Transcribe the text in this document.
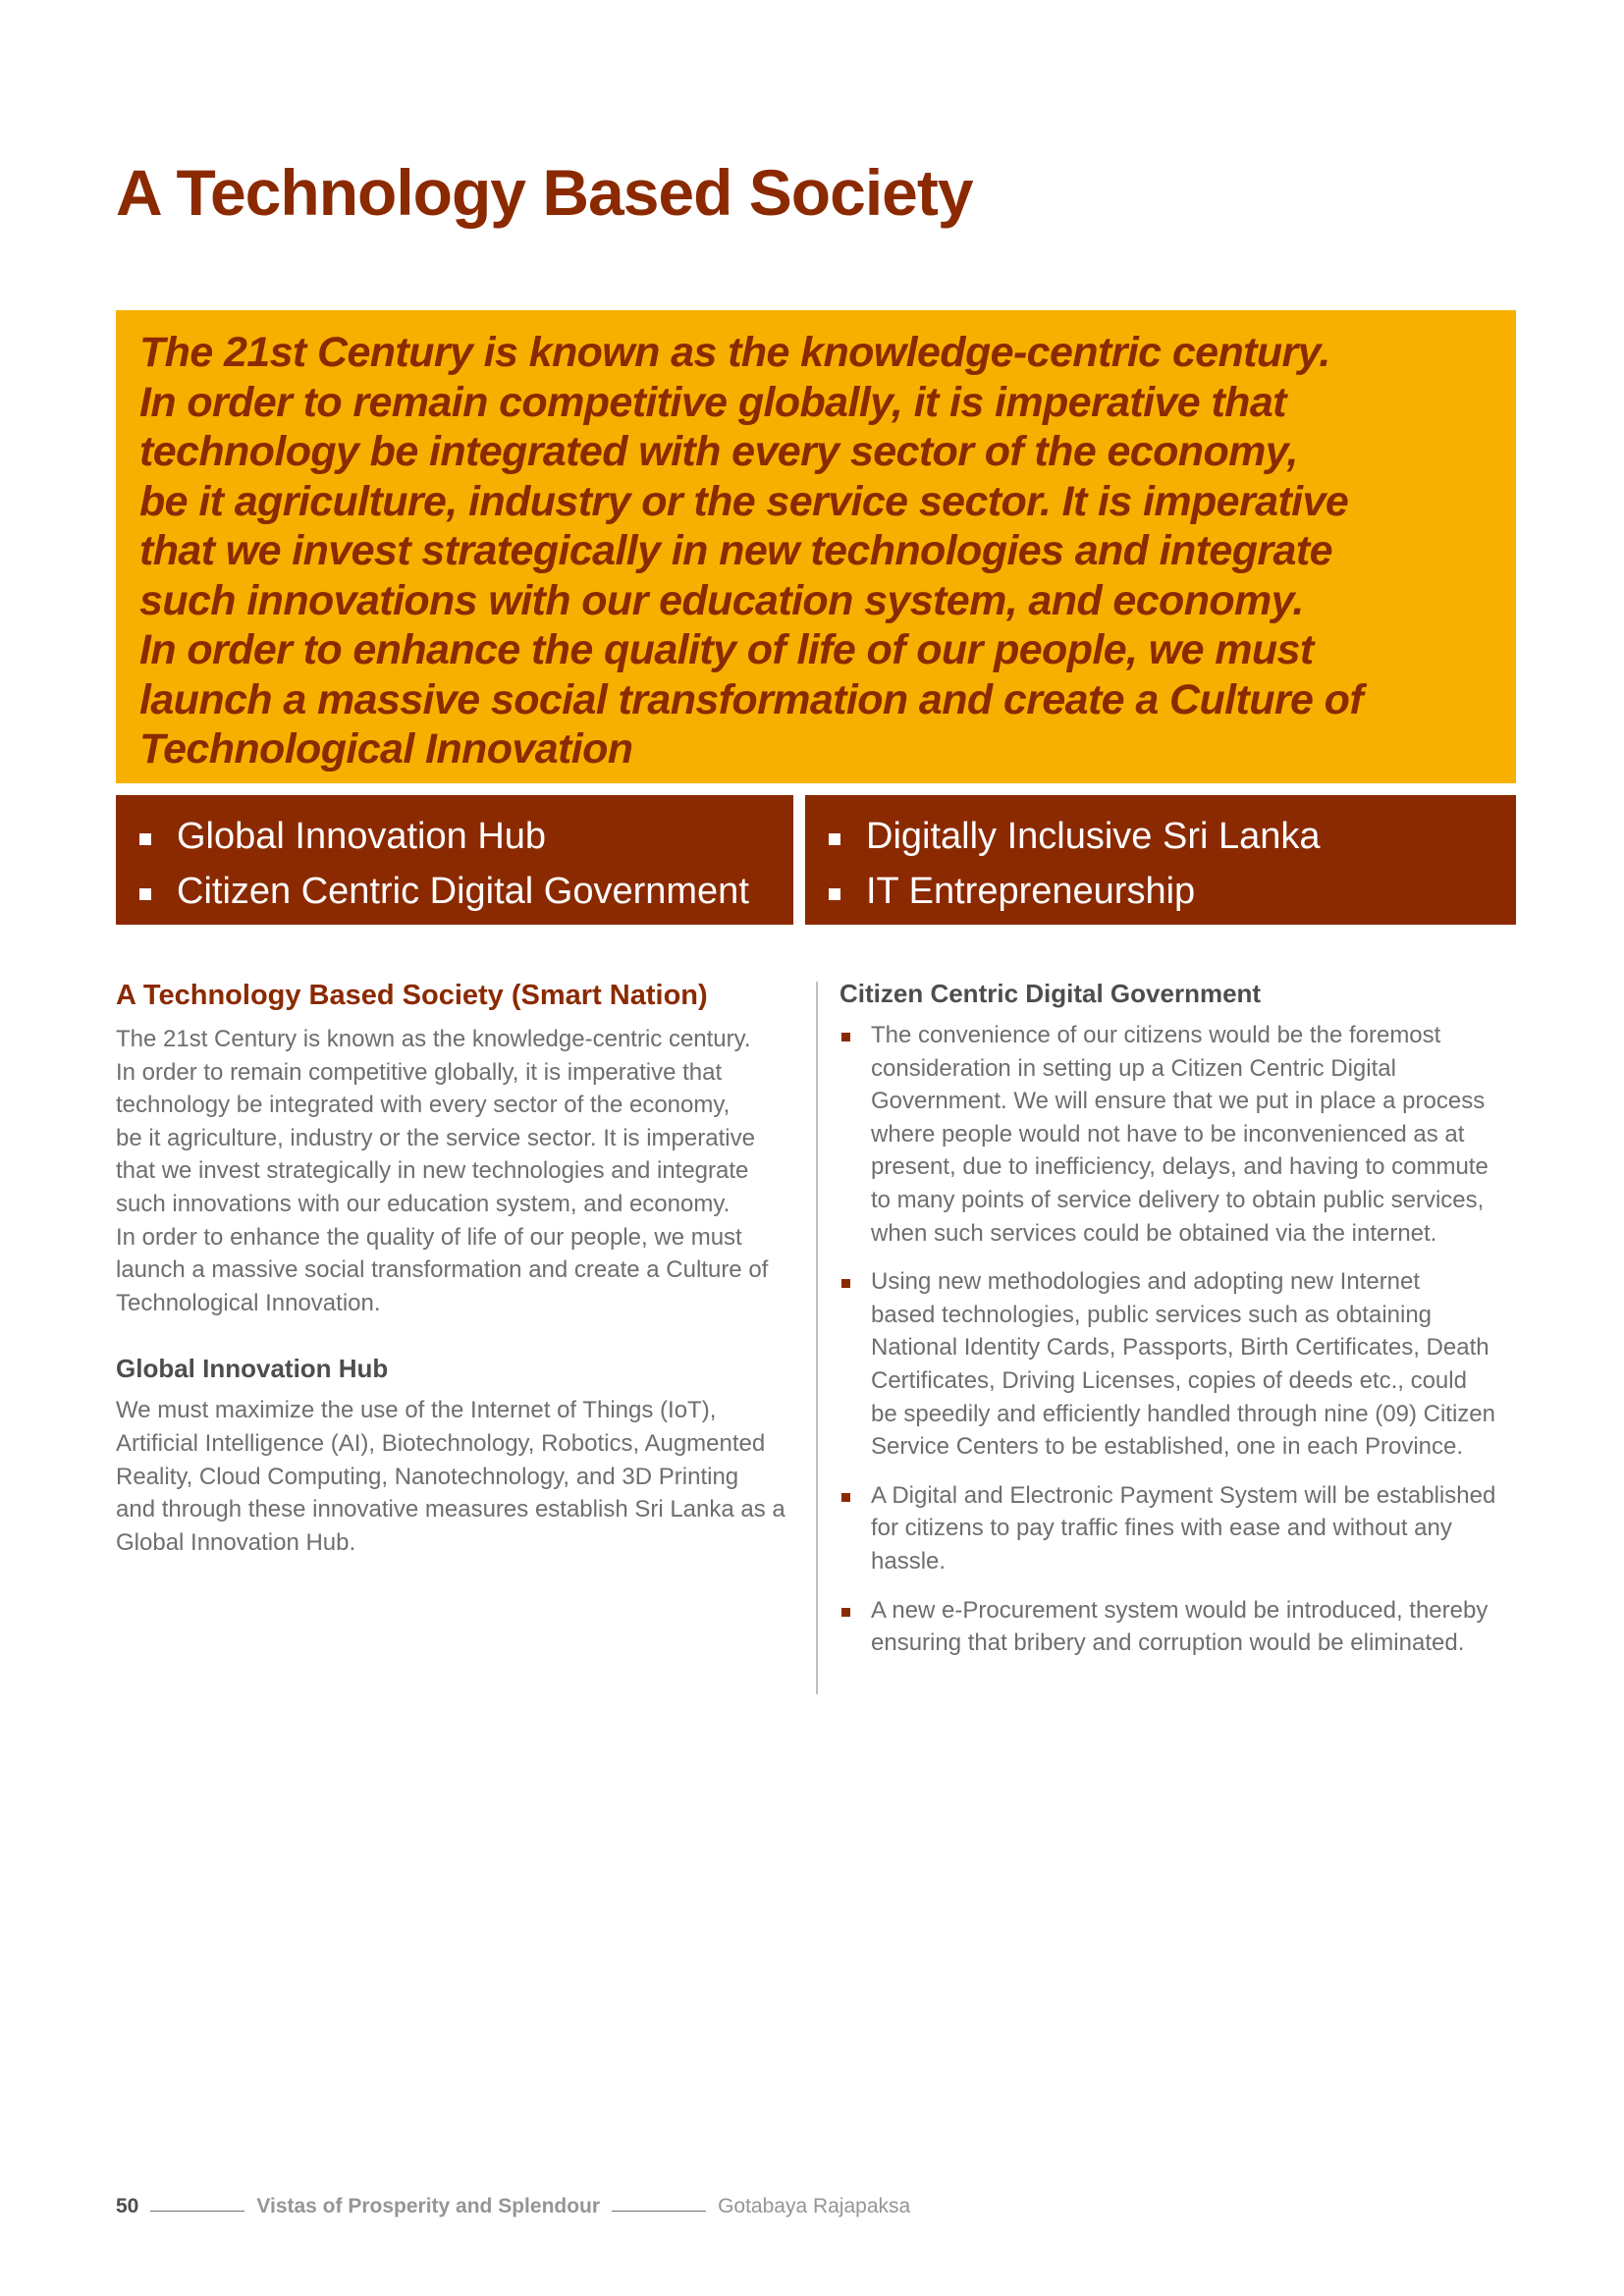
A Technology Based Society
The 21st Century is known as the knowledge-centric century.
In order to remain competitive globally, it is imperative that
technology be integrated with every sector of the economy,
be it agriculture, industry or the service sector. It is imperative
that we invest strategically in new technologies and integrate
such innovations with our education system, and economy.
In order to enhance the quality of life of our people, we must
launch a massive social transformation and create a Culture of
Technological Innovation
Global Innovation Hub
Citizen Centric Digital Government
Digitally Inclusive Sri Lanka
IT Entrepreneurship
A Technology Based Society (Smart Nation)
The 21st Century is known as the knowledge-centric century.
In order to remain competitive globally, it is imperative that
technology be integrated with every sector of the economy,
be it agriculture, industry or the service sector. It is imperative
that we invest strategically in new technologies and integrate
such innovations with our education system, and economy.
In order to enhance the quality of life of our people, we must
launch a massive social transformation and create a Culture of
Technological Innovation.
Global Innovation Hub
We must maximize the use of the Internet of Things (IoT),
Artificial Intelligence (AI), Biotechnology, Robotics, Augmented
Reality, Cloud Computing, Nanotechnology, and 3D Printing
and through these innovative measures establish Sri Lanka as a
Global Innovation Hub.
Citizen Centric Digital Government
The convenience of our citizens would be the foremost
consideration in setting up a Citizen Centric Digital
Government. We will ensure that we put in place a process
where people would not have to be inconvenienced as at
present, due to inefficiency, delays, and having to commute
to many points of service delivery to obtain public services,
when such services could be obtained via the internet.
Using new methodologies and adopting new Internet
based technologies, public services such as obtaining
National Identity Cards, Passports, Birth Certificates, Death
Certificates, Driving Licenses, copies of deeds etc., could
be speedily and efficiently handled through nine (09) Citizen
Service Centers to be established, one in each Province.
A Digital and Electronic Payment System will be established
for citizens to pay traffic fines with ease and without any
hassle.
A new e-Procurement system would be introduced, thereby
ensuring that bribery and corruption would be eliminated.
50	Vistas of Prosperity and Splendour	Gotabaya Rajapaksa
